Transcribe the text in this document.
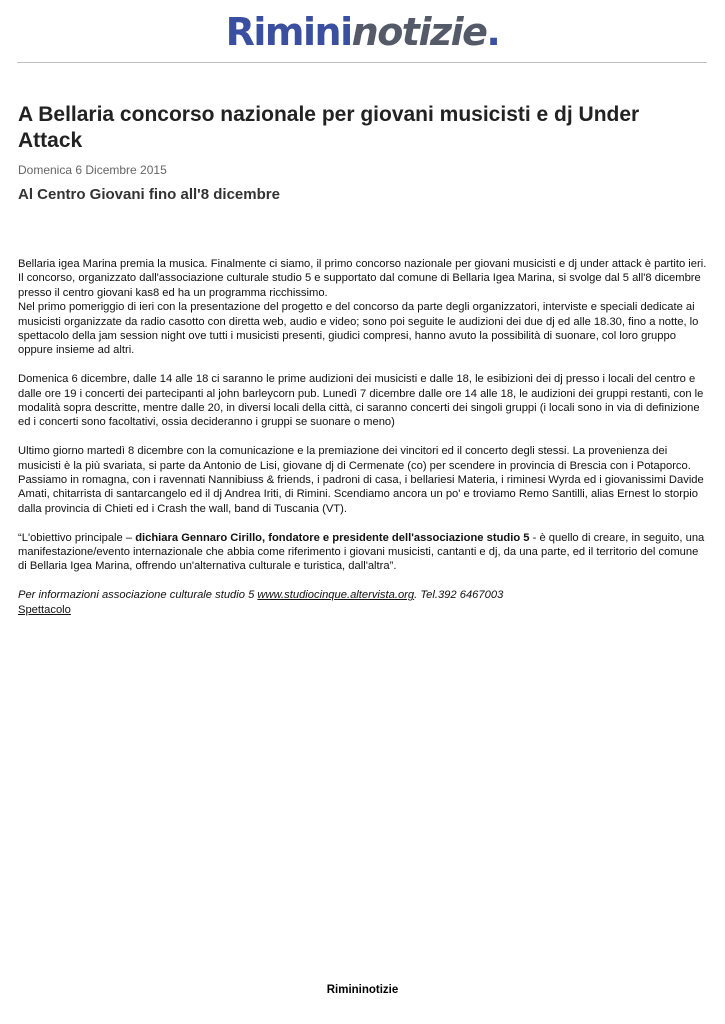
Rimininotizie.
A Bellaria concorso nazionale per giovani musicisti e dj Under Attack
Domenica 6 Dicembre 2015
Al Centro Giovani fino all'8 dicembre

Bellaria igea Marina premia la musica. Finalmente ci siamo, il primo concorso nazionale per giovani musicisti e dj under attack è partito ieri. Il concorso, organizzato dall'associazione culturale studio 5 e supportato dal comune di Bellaria Igea Marina, si svolge dal 5 all'8 dicembre presso il centro giovani kas8 ed ha un programma ricchissimo.
Nel primo pomeriggio di ieri con la presentazione del progetto e del concorso da parte degli organizzatori, interviste e speciali dedicate ai musicisti organizzate da radio casotto con diretta web, audio e video; sono poi seguite le audizioni dei due dj ed alle 18.30, fino a notte, lo spettacolo della jam session night ove tutti i musicisti presenti, giudici compresi, hanno avuto la possibilità di suonare, col loro gruppo oppure insieme ad altri.

Domenica 6 dicembre, dalle 14 alle 18 ci saranno le prime audizioni dei musicisti e dalle 18, le esibizioni dei dj presso i locali del centro e dalle ore 19 i concerti dei partecipanti al john barleycorn pub. Lunedì 7 dicembre dalle ore 14 alle 18, le audizioni dei gruppi restanti, con le modalità sopra descritte, mentre dalle 20, in diversi locali della città, ci saranno concerti dei singoli gruppi (i locali sono in via di definizione ed i concerti sono facoltativi, ossia decideranno i gruppi se suonare o meno)

Ultimo giorno martedì 8 dicembre con la comunicazione e la premiazione dei vincitori ed il concerto degli stessi. La provenienza dei musicisti è la più svariata, si parte da Antonio de Lisi, giovane dj di Cermenate (co) per scendere in provincia di Brescia con i Potaporco. Passiamo in romagna, con i ravennati Nannibiuss & friends, i padroni di casa, i bellariesi Materia, i riminesi Wyrda ed i giovanissimi Davide Amati, chitarrista di santarcangelo ed il dj Andrea Iriti, di Rimini. Scendiamo ancora un po' e troviamo Remo Santilli, alias Ernest lo storpio dalla provincia di Chieti ed i Crash the wall, band di Tuscania (VT).

“L'obiettivo principale – dichiara Gennaro Cirillo, fondatore e presidente dell'associazione studio 5 - è quello di creare, in seguito, una manifestazione/evento internazionale che abbia come riferimento i giovani musicisti, cantanti e dj, da una parte, ed il territorio del comune di Bellaria Igea Marina, offrendo un'alternativa culturale e turistica, dall'altra”.

Per informazioni associazione culturale studio 5 www.studiocinque.altervista.org. Tel.392 6467003
Spettacolo

Rimininotizie
